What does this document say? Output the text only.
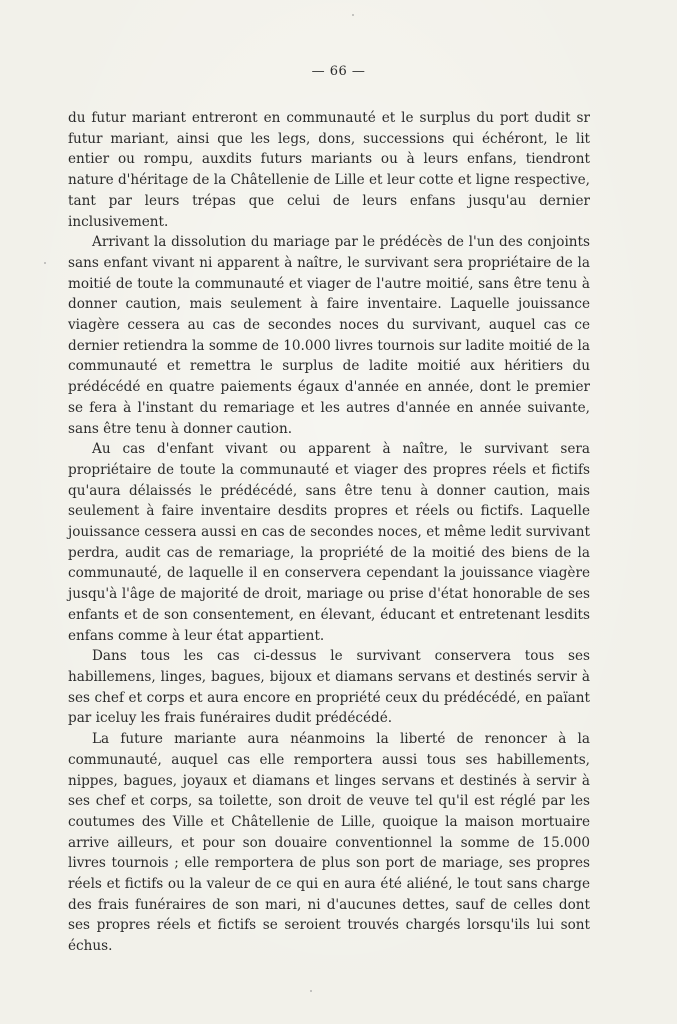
— 66 —

du futur mariant entreront en communauté et le surplus du port dudit sr futur mariant, ainsi que les legs, dons, successions qui échéront, le lit entier ou rompu, auxdits futurs mariants ou à leurs enfans, tiendront nature d'héritage de la Châtellenie de Lille et leur cotte et ligne respective, tant par leurs trépas que celui de leurs enfans jusqu'au dernier inclusivement.

Arrivant la dissolution du mariage par le prédécès de l'un des conjoints sans enfant vivant ni apparent à naître, le survivant sera propriétaire de la moitié de toute la communauté et viager de l'autre moitié, sans être tenu à donner caution, mais seulement à faire inventaire. Laquelle jouissance viagère cessera au cas de secondes noces du survivant, auquel cas ce dernier retiendra la somme de 10.000 livres tournois sur ladite moitié de la communauté et remettra le surplus de ladite moitié aux héritiers du prédécédé en quatre paiements égaux d'année en année, dont le premier se fera à l'instant du remariage et les autres d'année en année suivante, sans être tenu à donner caution.

Au cas d'enfant vivant ou apparent à naître, le survivant sera propriétaire de toute la communauté et viager des propres réels et fictifs qu'aura délaissés le prédécédé, sans être tenu à donner caution, mais seulement à faire inventaire desdits propres et réels ou fictifs. Laquelle jouissance cessera aussi en cas de secondes noces, et même ledit survivant perdra, audit cas de remariage, la propriété de la moitié des biens de la communauté, de laquelle il en conservera cependant la jouissance viagère jusqu'à l'âge de majorité de droit, mariage ou prise d'état honorable de ses enfants et de son consentement, en élevant, éducant et entretenant lesdits enfans comme à leur état appartient.

Dans tous les cas ci-dessus le survivant conservera tous ses habillemens, linges, bagues, bijoux et diamans servans et destinés servir à ses chef et corps et aura encore en propriété ceux du prédécédé, en païant par iceluy les frais funéraires dudit prédécédé.

La future mariante aura néanmoins la liberté de renoncer à la communauté, auquel cas elle remportera aussi tous ses habillements, nippes, bagues, joyaux et diamans et linges servans et destinés à servir à ses chef et corps, sa toilette, son droit de veuve tel qu'il est réglé par les coutumes des Ville et Châtellenie de Lille, quoique la maison mortuaire arrive ailleurs, et pour son douaire conventionnel la somme de 15.000 livres tournois ; elle remportera de plus son port de mariage, ses propres réels et fictifs ou la valeur de ce qui en aura été aliéné, le tout sans charge des frais funéraires de son mari, ni d'aucunes dettes, sauf de celles dont ses propres réels et fictifs se seroient trouvés chargés lorsqu'ils lui sont échus.
